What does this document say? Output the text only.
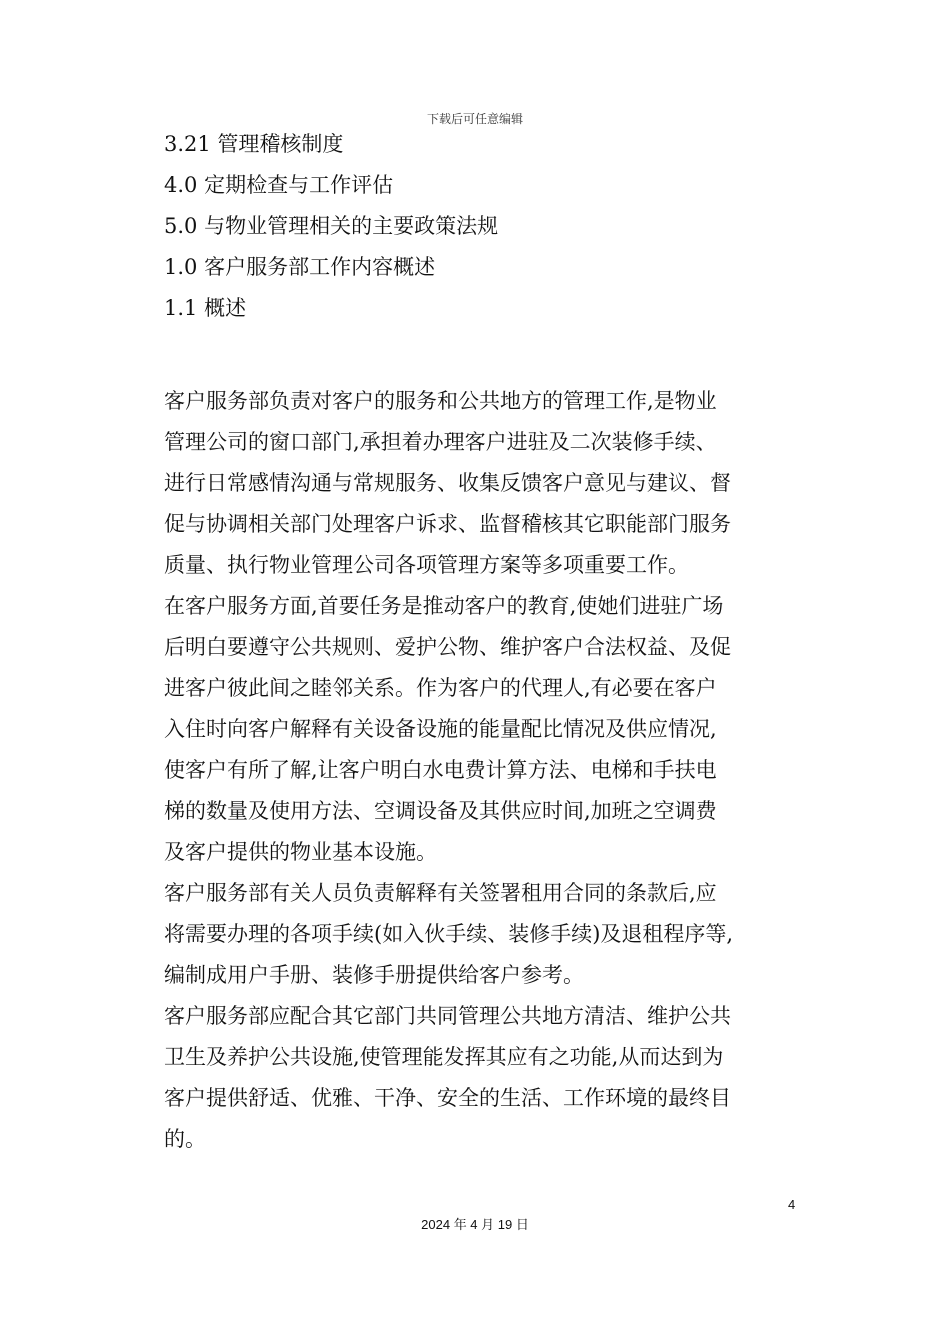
下载后可任意编辑
3.21 管理稽核制度
4.0 定期检查与工作评估
5.0 与物业管理相关的主要政策法规
1.0 客户服务部工作内容概述
1.1 概述
客户服务部负责对客户的服务和公共地方的管理工作,是物业
管理公司的窗口部门,承担着办理客户进驻及二次装修手续、
进行日常感情沟通与常规服务、收集反馈客户意见与建议、督
促与协调相关部门处理客户诉求、监督稽核其它职能部门服务
质量、执行物业管理公司各项管理方案等多项重要工作。
在客户服务方面,首要任务是推动客户的教育,使她们进驻广场
后明白要遵守公共规则、爱护公物、维护客户合法权益、及促
进客户彼此间之睦邻关系。作为客户的代理人,有必要在客户
入住时向客户解释有关设备设施的能量配比情况及供应情况,
使客户有所了解,让客户明白水电费计算方法、电梯和手扶电
梯的数量及使用方法、空调设备及其供应时间,加班之空调费
及客户提供的物业基本设施。
客户服务部有关人员负责解释有关签署租用合同的条款后,应
将需要办理的各项手续(如入伙手续、装修手续)及退租程序等,
编制成用户手册、装修手册提供给客户参考。
客户服务部应配合其它部门共同管理公共地方清洁、维护公共
卫生及养护公共设施,使管理能发挥其应有之功能,从而达到为
客户提供舒适、优雅、干净、安全的生活、工作环境的最终目
的。
4
2024 年 4 月 19 日
